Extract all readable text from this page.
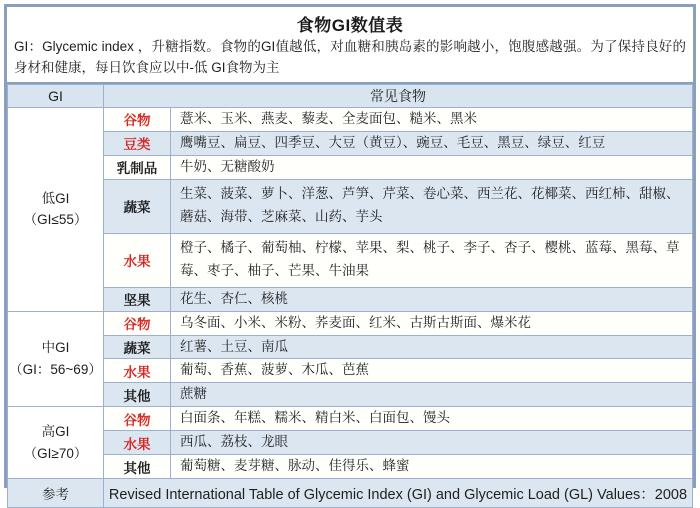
食物GI数值表
GI：Glycemic index ，升糖指数。食物的GI值越低，对血糖和胰岛素的影响越小，饱腹感越强。为了保持良好的身材和健康，每日饮食应以中-低 GI食物为主
GI	常见食物	

低GI
（GI≤55）	谷物	薏米、玉米、燕麦、藜麦、全麦面包、糙米、黑米
	豆类	鹰嘴豆、扁豆、四季豆、大豆（黄豆）、豌豆、毛豆、黑豆、绿豆、红豆
	乳制品	牛奶、无糖酸奶
	蔬菜	生菜、菠菜、萝卜、洋葱、芦笋、芹菜、卷心菜、西兰花、花椰菜、西红柿、甜椒、蘑菇、海带、芝麻菜、山药、芋头
	水果	橙子、橘子、葡萄柚、柠檬、苹果、梨、桃子、李子、杏子、樱桃、蓝莓、黑莓、草莓、枣子、柚子、芒果、牛油果
	坚果	花生、杏仁、核桃

中GI
（GI：56~69）	谷物	乌冬面、小米、米粉、荞麦面、红米、古斯古斯面、爆米花
	蔬菜	红薯、土豆、南瓜
	水果	葡萄、香蕉、菠萝、木瓜、芭蕉
	其他	蔗糖

高GI
（GI≥70）	谷物	白面条、年糕、糯米、精白米、白面包、馒头
	水果	西瓜、荔枝、龙眼
	其他	葡萄糖、麦芽糖、脉动、佳得乐、蜂蜜
参考	Revised International Table of Glycemic Index (GI) and Glycemic Load (GL) Values：2008	
